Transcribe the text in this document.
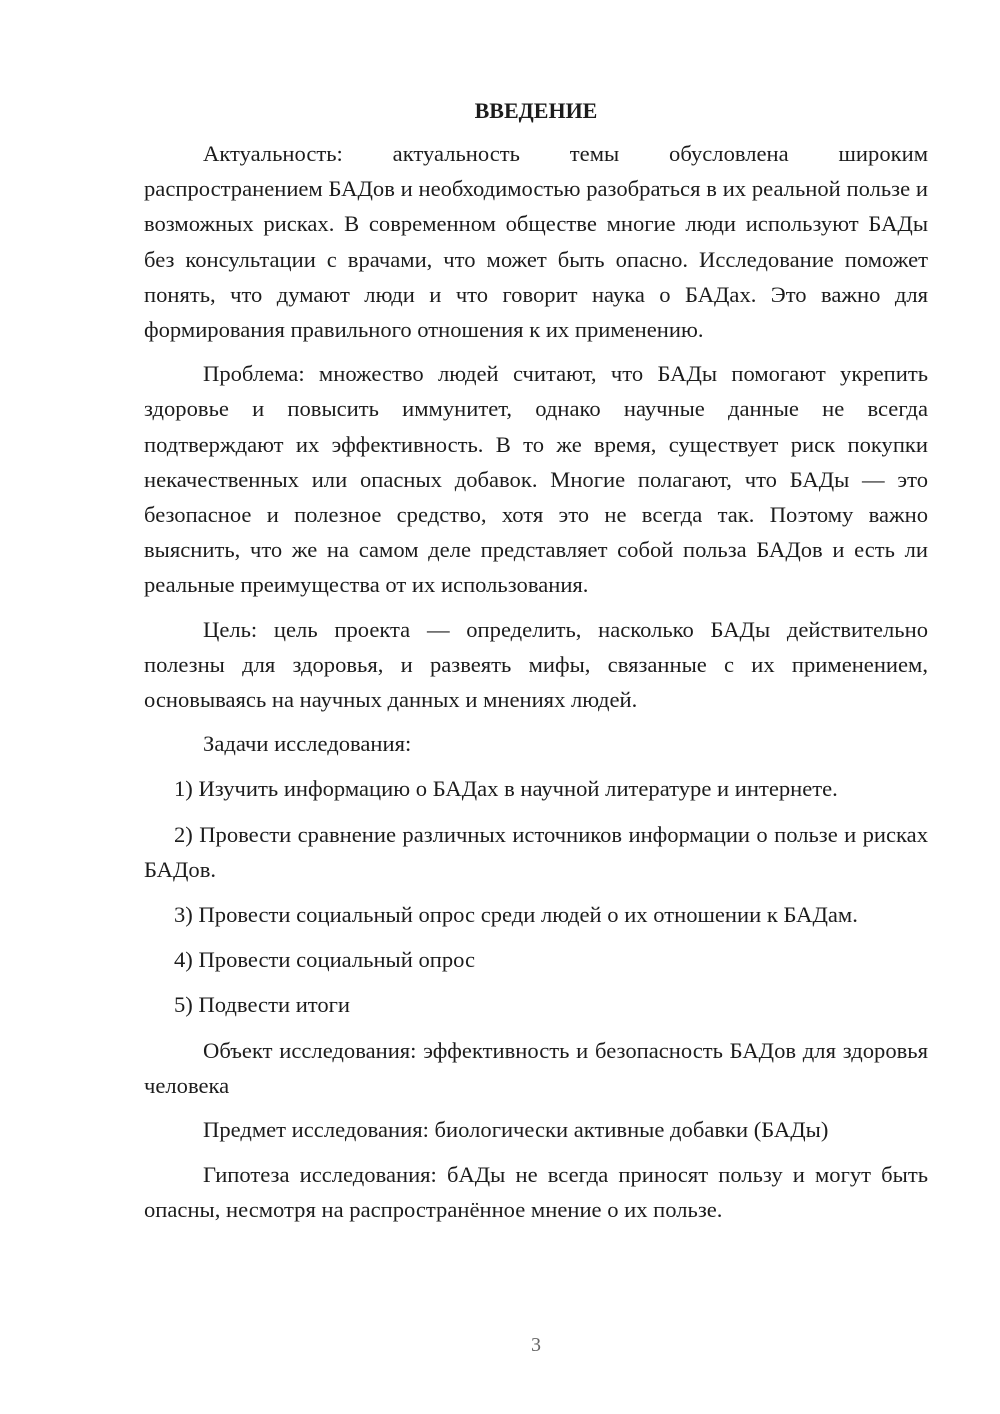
ВВЕДЕНИЕ

Актуальность: актуальность темы обусловлена широким распространением БАДов и необходимостью разобраться в их реальной пользе и возможных рисках. В современном обществе многие люди используют БАДы без консультации с врачами, что может быть опасно. Исследование поможет понять, что думают люди и что говорит наука о БАДах. Это важно для формирования правильного отношения к их применению.

Проблема: множество людей считают, что БАДы помогают укрепить здоровье и повысить иммунитет, однако научные данные не всегда подтверждают их эффективность. В то же время, существует риск покупки некачественных или опасных добавок. Многие полагают, что БАДы — это безопасное и полезное средство, хотя это не всегда так. Поэтому важно выяснить, что же на самом деле представляет собой польза БАДов и есть ли реальные преимущества от их использования.

Цель: цель проекта — определить, насколько БАДы действительно полезны для здоровья, и развеять мифы, связанные с их применением, основываясь на научных данных и мнениях людей.

Задачи исследования:

1) Изучить информацию о БАДах в научной литературе и интернете.

2) Провести сравнение различных источников информации о пользе и рисках БАДов.

3) Провести социальный опрос среди людей о их отношении к БАДам.

4) Провести социальный опрос

5) Подвести итоги

Объект исследования: эффективность и безопасность БАДов для здоровья человека

Предмет исследования: биологически активные добавки (БАДы)

Гипотеза исследования: бАДы не всегда приносят пользу и могут быть опасны, несмотря на распространённое мнение о их пользе.

3
